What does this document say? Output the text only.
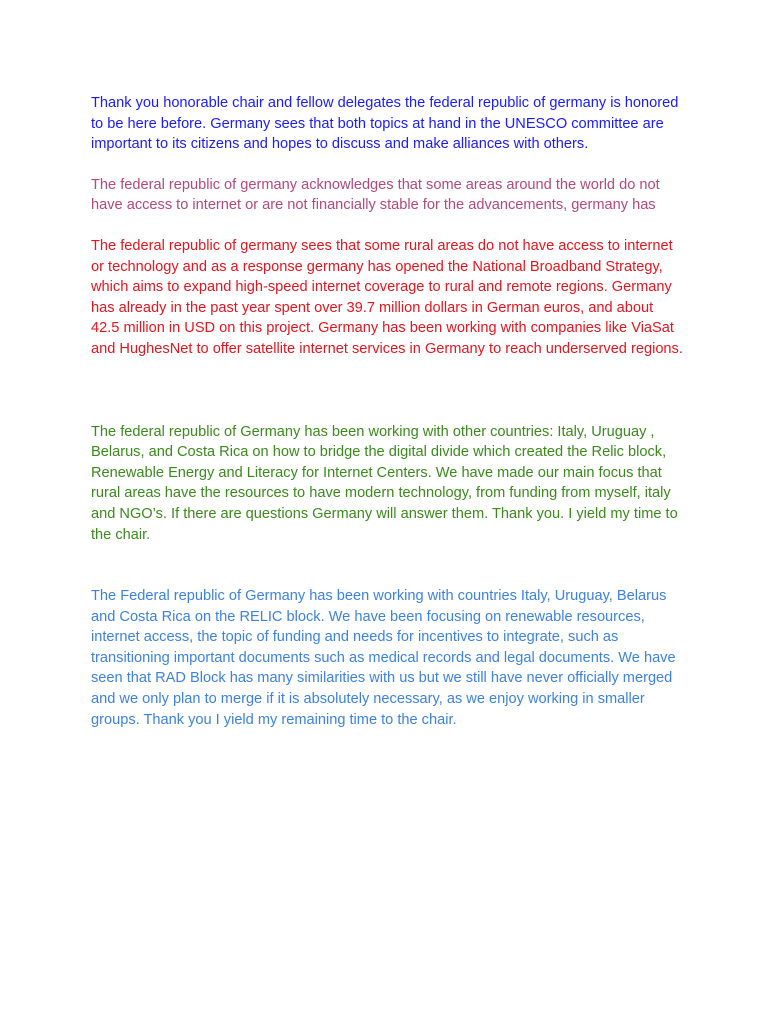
Thank you honorable chair and fellow delegates the federal republic of germany is honored to be here before. Germany sees that both topics at hand in the UNESCO committee are important to its citizens and hopes to discuss and make alliances with others.

The federal republic of germany acknowledges that some areas around the world do not have access to internet or are not financially stable for the advancements, germany has

The federal republic of germany sees that some rural areas do not have access to internet or technology and as a response germany has opened the National Broadband Strategy, which aims to expand high-speed internet coverage to rural and remote regions. Germany has already in the past year spent over 39.7 million dollars in German euros, and about 42.5 million in USD on this project. Germany has been working with companies like ViaSat and HughesNet to offer satellite internet services in Germany to reach underserved regions.

The federal republic of Germany has been working with other countries: Italy, Uruguay , Belarus, and Costa Rica on how to bridge the digital divide which created the Relic block, Renewable Energy and Literacy for Internet Centers. We have made our main focus that rural areas have the resources to have modern technology, from funding from myself, italy and NGO’s. If there are questions Germany will answer them. Thank you. I yield my time to the chair.

The Federal republic of Germany has been working with countries Italy, Uruguay, Belarus and Costa Rica on the RELIC block. We have been focusing on renewable resources, internet access, the topic of funding and needs for incentives to integrate, such as transitioning important documents such as medical records and legal documents. We have seen that RAD Block has many similarities with us but we still have never officially merged and we only plan to merge if it is absolutely necessary, as we enjoy working in smaller groups. Thank you I yield my remaining time to the chair.
